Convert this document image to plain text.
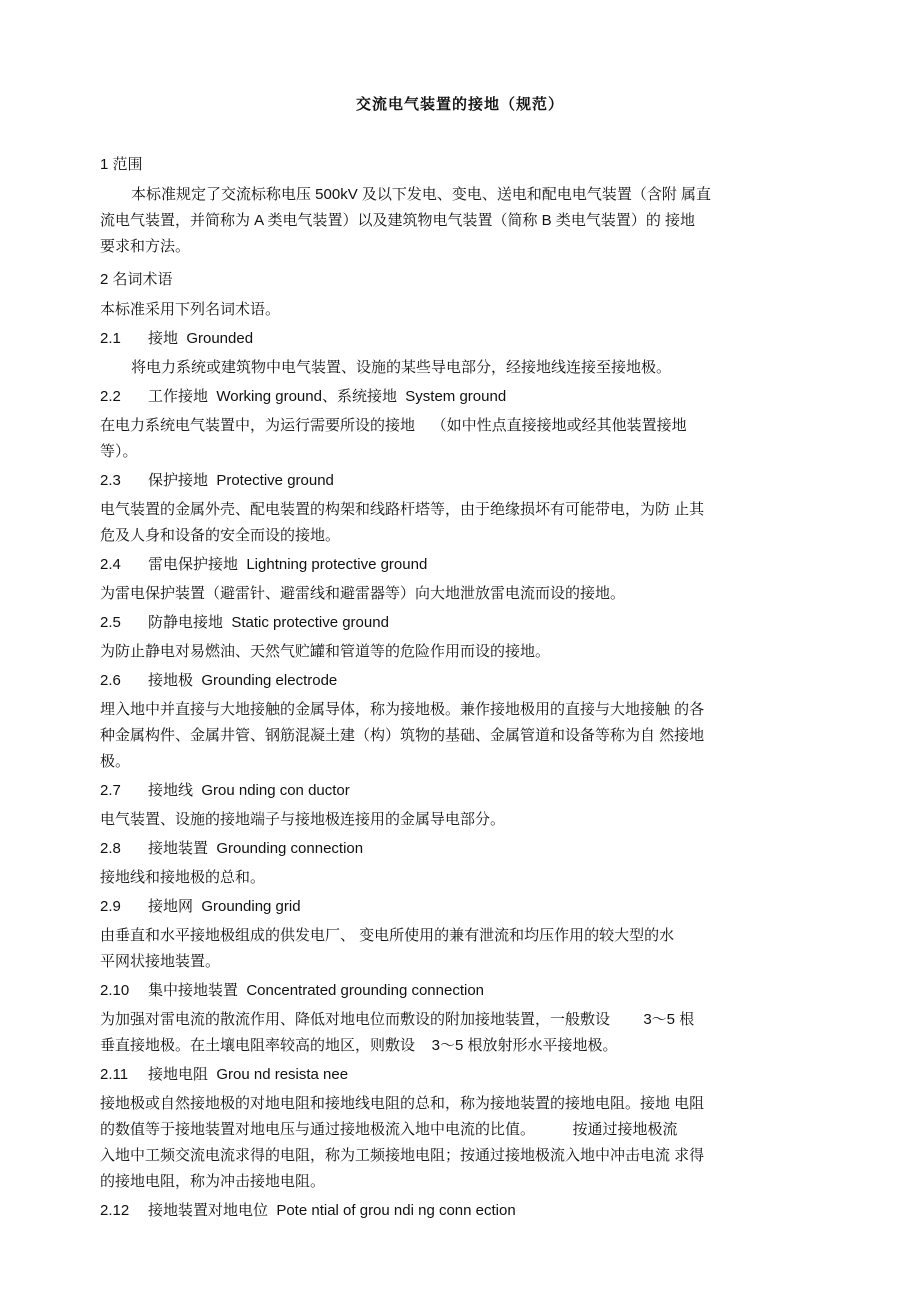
交流电气装置的接地（规范）
1 范围
本标准规定了交流标称电压 500kV 及以下发电、变电、送电和配电电气装置（含附 属直
流电气装置，并简称为 A 类电气装置）以及建筑物电气装置（简称 B 类电气装置）的 接地
要求和方法。
2 名词术语
本标准采用下列名词术语。
2.1 接地  Grounded
将电力系统或建筑物中电气装置、设施的某些导电部分，经接地线连接至接地极。
2.2 工作接地  Working ground、系统接地  System ground
在电力系统电气装置中，为运行需要所设的接地    （如中性点直接接地或经其他装置接地
等）。
2.3 保护接地  Protective ground
电气装置的金属外壳、配电装置的构架和线路杆塔等，由于绝缘损坏有可能带电，为防 止其
危及人身和设备的安全而设的接地。
2.4 雷电保护接地  Lightning protective ground
为雷电保护装置（避雷针、避雷线和避雷器等）向大地泄放雷电流而设的接地。
2.5 防静电接地  Static protective ground
为防止静电对易燃油、天然气贮罐和管道等的危险作用而设的接地。
2.6 接地极  Grounding electrode
埋入地中并直接与大地接触的金属导体，称为接地极。兼作接地极用的直接与大地接触 的各
种金属构件、金属井管、钢筋混凝土建（构）筑物的基础、金属管道和设备等称为自 然接地
极。
2.7 接地线  Grou nding con ductor
电气装置、设施的接地端子与接地极连接用的金属导电部分。
2.8 接地装置  Grounding connection
接地线和接地极的总和。
2.9 接地网  Grounding grid
由垂直和水平接地极组成的供发电厂、 变电所使用的兼有泄流和均压作用的较大型的水
平网状接地装置。
2.10 集中接地装置  Concentrated grounding connection
为加强对雷电流的散流作用、降低对地电位而敷设的附加接地装置，一般敷设        3～5 根
垂直接地极。在土壤电阻率较高的地区，则敷设    3～5 根放射形水平接地极。
2.11 接地电阻  Grou nd resista nee
接地极或自然接地极的对地电阻和接地线电阻的总和，称为接地装置的接地电阻。接地 电阻
的数值等于接地装置对地电压与通过接地极流入地中电流的比值。         按通过接地极流
入地中工频交流电流求得的电阻，称为工频接地电阻；按通过接地极流入地中冲击电流 求得
的接地电阻，称为冲击接地电阻。
2.12 接地装置对地电位  Pote ntial of grou ndi ng conn ection
